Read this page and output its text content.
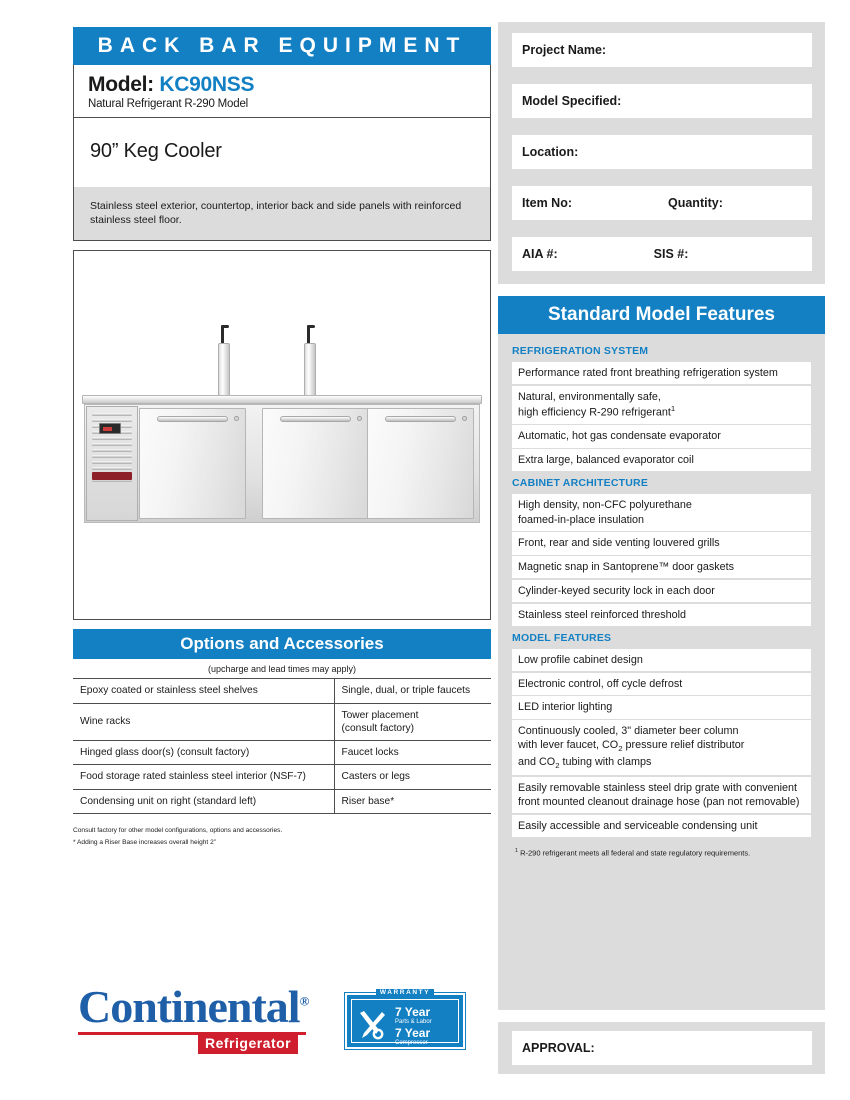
BACK BAR EQUIPMENT
Model: KC90NSS
Natural Refrigerant R-290 Model
90” Keg Cooler
Stainless steel exterior, countertop, interior back and side panels with reinforced stainless steel floor.
Options and Accessories
(upcharge and lead times may apply)
Epoxy coated or stainless steel shelves	Single, dual, or triple faucets
Wine racks	Tower placement
(consult factory)
Hinged glass door(s) (consult factory)	Faucet locks
Food storage rated stainless steel interior (NSF-7)	Casters or legs
Condensing unit on right (standard left)	Riser base*
Consult factory for other model configurations, options and accessories.
* Adding a Riser Base increases overall height 2”
Continental®
Refrigerator
WARRANTY
7 Year
Parts & Labor
7 Year
Compressor
Project Name:
Model Specified:
Location:
Item No:	Quantity:
AIA #:	SIS #:
Standard Model Features
REFRIGERATION SYSTEM
Performance rated front breathing refrigeration system
Natural, environmentally safe,
high efficiency R-290 refrigerant$^1$
Automatic, hot gas condensate evaporator
Extra large, balanced evaporator coil
CABINET ARCHITECTURE
High density, non-CFC polyurethane
foamed-in-place insulation
Front, rear and side venting louvered grills
Magnetic snap in Santoprene™ door gaskets
Cylinder-keyed security lock in each door
Stainless steel reinforced threshold
MODEL FEATURES
Low profile cabinet design
Electronic control, off cycle defrost
LED interior lighting
Continuously cooled, 3" diameter beer column
with lever faucet, $CO_2$ pressure relief distributor
and $CO_2$ tubing with clamps
Easily removable stainless steel drip grate with convenient front mounted cleanout drainage hose (pan not removable)
Easily accessible and serviceable condensing unit
$^1$ R-290 refrigerant meets all federal and state regulatory requirements.
APPROVAL:
